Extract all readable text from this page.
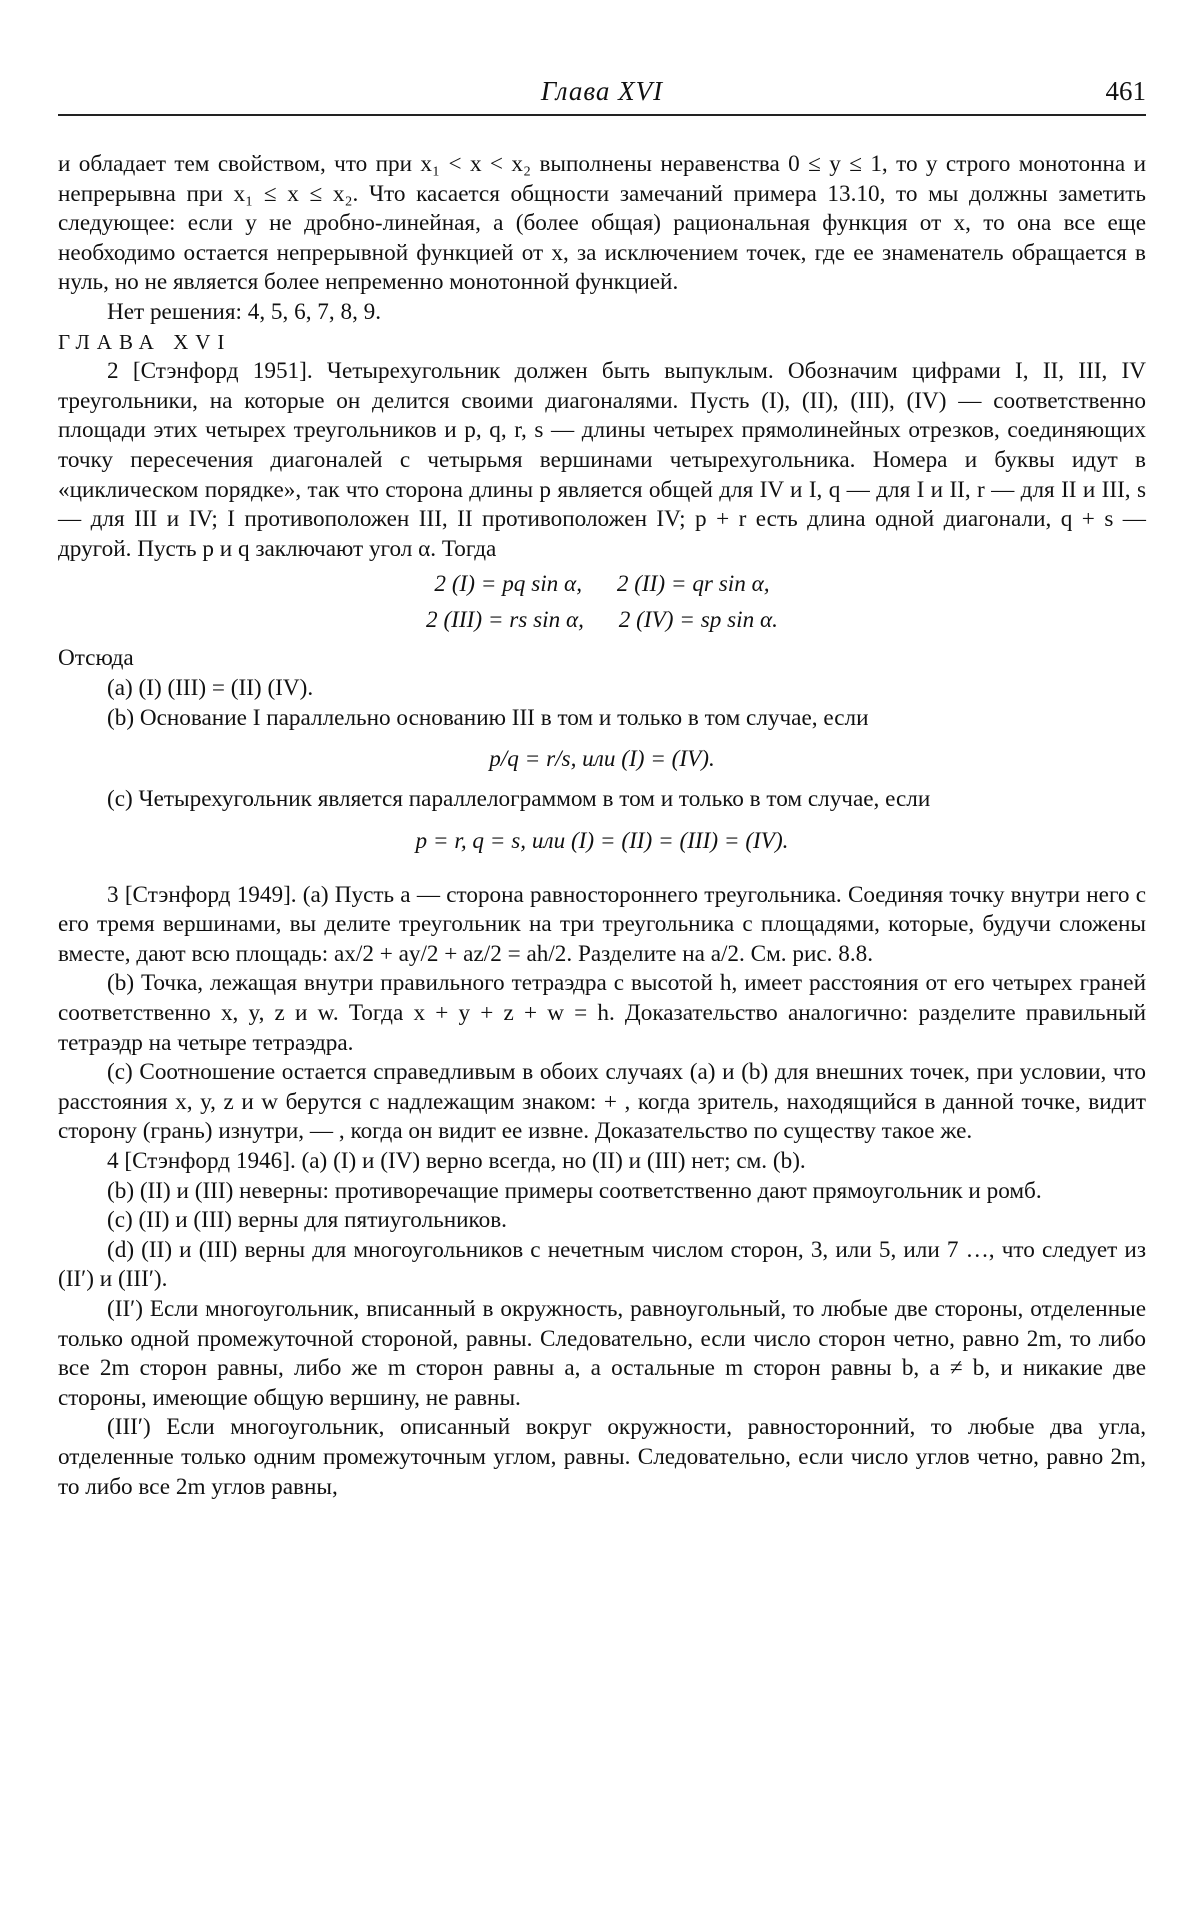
Глава XVI	461

и обладает тем свойством, что при x₁ < x < x₂ выполнены неравенства 0 ≤ y ≤ 1, то y строго монотонна и непрерывна при x₁ ≤ x ≤ x₂. Что касается общности замечаний примера 13.10, то мы должны заметить следующее: если y не дробно-линейная, а (более общая) рациональная функция от x, то она все еще необходимо остается непрерывной функцией от x, за исключением точек, где ее знаменатель обращается в нуль, но не является более непременно монотонной функцией.

Нет решения: 4, 5, 6, 7, 8, 9.

ГЛАВА XVI

2 [Стэнфорд 1951]. Четырехугольник должен быть выпуклым. Обозначим цифрами I, II, III, IV треугольники, на которые он делится своими диагоналями. Пусть (I), (II), (III), (IV) — соответственно площади этих четырех треугольников и p, q, r, s — длины четырех прямолинейных отрезков, соединяющих точку пересечения диагоналей с четырьмя вершинами четырехугольника. Номера и буквы идут в «циклическом порядке», так что сторона длины p является общей для IV и I, q — для I и II, r — для II и III, s — для III и IV; I противоположен III, II противоположен IV; p + r есть длина одной диагонали, q + s — другой. Пусть p и q заключают угол α. Тогда

2 (I) = pq sin α, 2 (II) = qr sin α,
2 (III) = rs sin α, 2 (IV) = sp sin α.

Отсюда

(a) (I) (III) = (II) (IV).

(b) Основание I параллельно основанию III в том и только в том случае, если

p/q = r/s, или (I) = (IV).

(c) Четырехугольник является параллелограммом в том и только в том случае, если

p = r, q = s, или (I) = (II) = (III) = (IV).

3 [Стэнфорд 1949]. (a) Пусть a — сторона равностороннего треугольника. Соединяя точку внутри него с его тремя вершинами, вы делите треугольник на три треугольника с площадями, которые, будучи сложены вместе, дают всю площадь: ax/2 + ay/2 + az/2 = ah/2. Разделите на a/2. См. рис. 8.8.

(b) Точка, лежащая внутри правильного тетраэдра с высотой h, имеет расстояния от его четырех граней соответственно x, y, z и w. Тогда x + y + z + w = h. Доказательство аналогично: разделите правильный тетраэдр на четыре тетраэдра.

(c) Соотношение остается справедливым в обоих случаях (a) и (b) для внешних точек, при условии, что расстояния x, y, z и w берутся с надлежащим знаком: + , когда зритель, находящийся в данной точке, видит сторону (грань) изнутри, — , когда он видит ее извне. Доказательство по существу такое же.

4 [Стэнфорд 1946]. (a) (I) и (IV) верно всегда, но (II) и (III) нет; см. (b).

(b) (II) и (III) неверны: противоречащие примеры соответственно дают прямоугольник и ромб.

(c) (II) и (III) верны для пятиугольников.

(d) (II) и (III) верны для многоугольников с нечетным числом сторон, 3, или 5, или 7 …, что следует из (II′) и (III′).

(II′) Если многоугольник, вписанный в окружность, равноугольный, то любые две стороны, отделенные только одной промежуточной стороной, равны. Следовательно, если число сторон четно, равно 2m, то либо все 2m сторон равны, либо же m сторон равны a, а остальные m сторон равны b, a ≠ b, и никакие две стороны, имеющие общую вершину, не равны.

(III′) Если многоугольник, описанный вокруг окружности, равносторонний, то любые два угла, отделенные только одним промежуточным углом, равны. Следовательно, если число углов четно, равно 2m, то либо все 2m углов равны,
